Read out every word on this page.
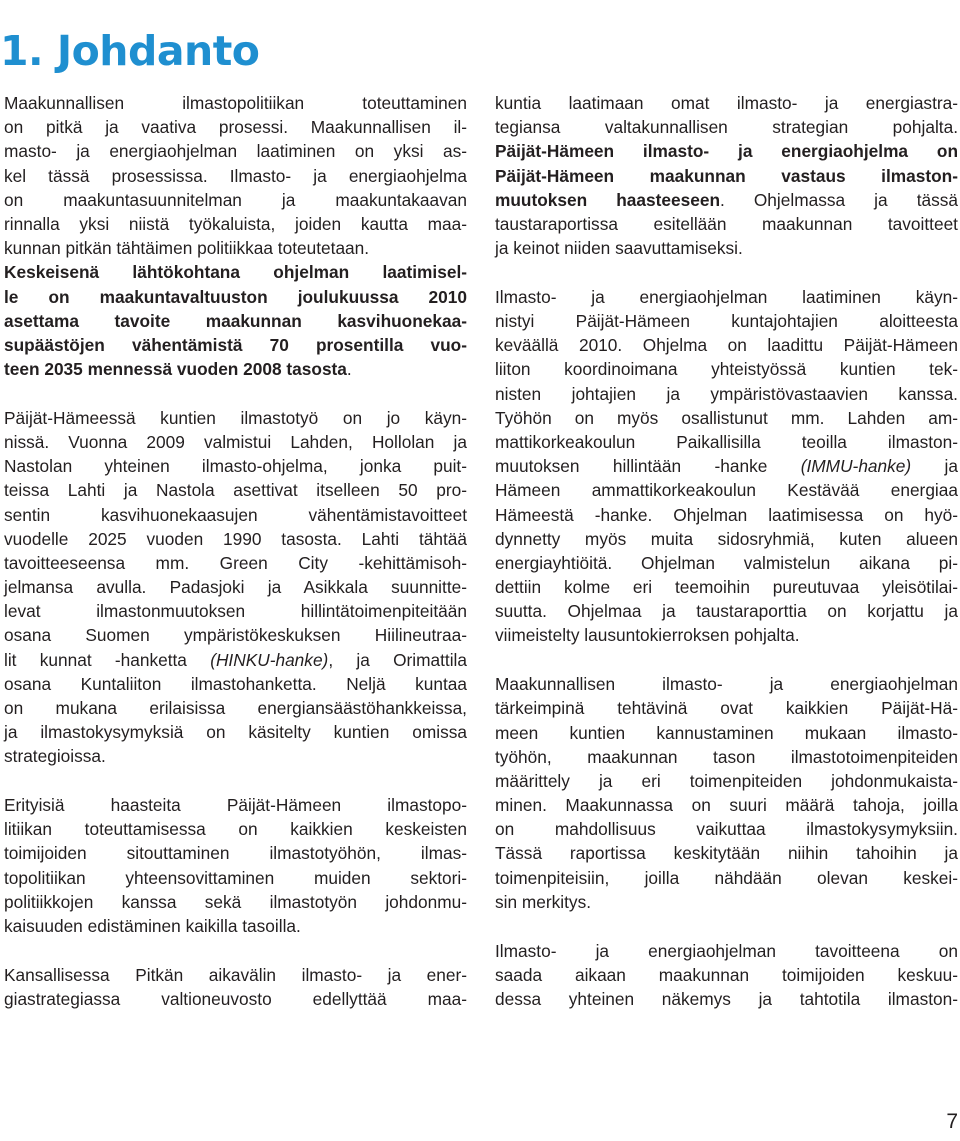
1. Johdanto
Maakunnallisen ilmastopolitiikan toteuttaminen
on pitkä ja vaativa prosessi. Maakunnallisen il-
masto- ja energiaohjelman laatiminen on yksi as-
kel tässä prosessissa. Ilmasto- ja energiaohjelma
on maakuntasuunnitelman ja maakuntakaavan
rinnalla yksi niistä työkaluista, joiden kautta maa-
kunnan pitkän tähtäimen politiikkaa toteutetaan.
Keskeisenä lähtökohtana ohjelman laatimisel-
le on maakuntavaltuuston joulukuussa 2010
asettama tavoite maakunnan kasvihuonekaa-
supäästöjen vähentämistä 70 prosentilla vuo-
teen 2035 mennessä vuoden 2008 tasosta.
Päijät-Hämeessä kuntien ilmastotyö on jo käyn-
nissä. Vuonna 2009 valmistui Lahden, Hollolan ja
Nastolan yhteinen ilmasto-ohjelma, jonka puit-
teissa Lahti ja Nastola asettivat itselleen 50 pro-
sentin kasvihuonekaasujen vähentämistavoitteet
vuodelle 2025 vuoden 1990 tasosta. Lahti tähtää
tavoitteeseensa mm. Green City -kehittämisoh-
jelmansa avulla. Padasjoki ja Asikkala suunnitte-
levat ilmastonmuutoksen hillintätoimenpiteitään
osana Suomen ympäristökeskuksen Hiilineutraa-
lit kunnat -hanketta (HINKU-hanke), ja Orimattila
osana Kuntaliiton ilmastohanketta. Neljä kuntaa
on mukana erilaisissa energiansäästöhankkeissa,
ja ilmastokysymyksiä on käsitelty kuntien omissa
strategioissa.
Erityisiä haasteita Päijät-Hämeen ilmastopo-
litiikan toteuttamisessa on kaikkien keskeisten
toimijoiden sitouttaminen ilmastotyöhön, ilmas-
topolitiikan yhteensovittaminen muiden sektori-
politiikkojen kanssa sekä ilmastotyön johdonmu-
kaisuuden edistäminen kaikilla tasoilla.
Kansallisessa Pitkän aikavälin ilmasto- ja ener-
giastrategiassa valtioneuvosto edellyttää maa-
kuntia laatimaan omat ilmasto- ja energiastra-
tegiansa valtakunnallisen strategian pohjalta.
Päijät-Hämeen ilmasto- ja energiaohjelma on
Päijät-Hämeen maakunnan vastaus ilmaston-
muutoksen haasteeseen. Ohjelmassa ja tässä
taustaraportissa esitellään maakunnan tavoitteet
ja keinot niiden saavuttamiseksi.
Ilmasto- ja energiaohjelman laatiminen käyn-
nistyi Päijät-Hämeen kuntajohtajien aloitteesta
keväällä 2010. Ohjelma on laadittu Päijät-Hämeen
liiton koordinoimana yhteistyössä kuntien tek-
nisten johtajien ja ympäristövastaavien kanssa.
Työhön on myös osallistunut mm. Lahden am-
mattikorkeakoulun Paikallisilla teoilla ilmaston-
muutoksen hillintään -hanke (IMMU-hanke) ja
Hämeen ammattikorkeakoulun Kestävää energiaa
Hämeestä -hanke. Ohjelman laatimisessa on hyö-
dynnetty myös muita sidosryhmiä, kuten alueen
energiayhtiöitä. Ohjelman valmistelun aikana pi-
dettiin kolme eri teemoihin pureutuvaa yleisötilai-
suutta. Ohjelmaa ja taustaraporttia on korjattu ja
viimeistelty lausuntokierroksen pohjalta.
Maakunnallisen ilmasto- ja energiaohjelman
tärkeimpinä tehtävinä ovat kaikkien Päijät-Hä-
meen kuntien kannustaminen mukaan ilmasto-
työhön, maakunnan tason ilmastotoimenpiteiden
määrittely ja eri toimenpiteiden johdonmukaista-
minen. Maakunnassa on suuri määrä tahoja, joilla
on mahdollisuus vaikuttaa ilmastokysymyksiin.
Tässä raportissa keskitytään niihin tahoihin ja
toimenpiteisiin, joilla nähdään olevan keskei-
sin merkitys.
Ilmasto- ja energiaohjelman tavoitteena on
saada aikaan maakunnan toimijoiden keskuu-
dessa yhteinen näkemys ja tahtotila ilmaston-
7
